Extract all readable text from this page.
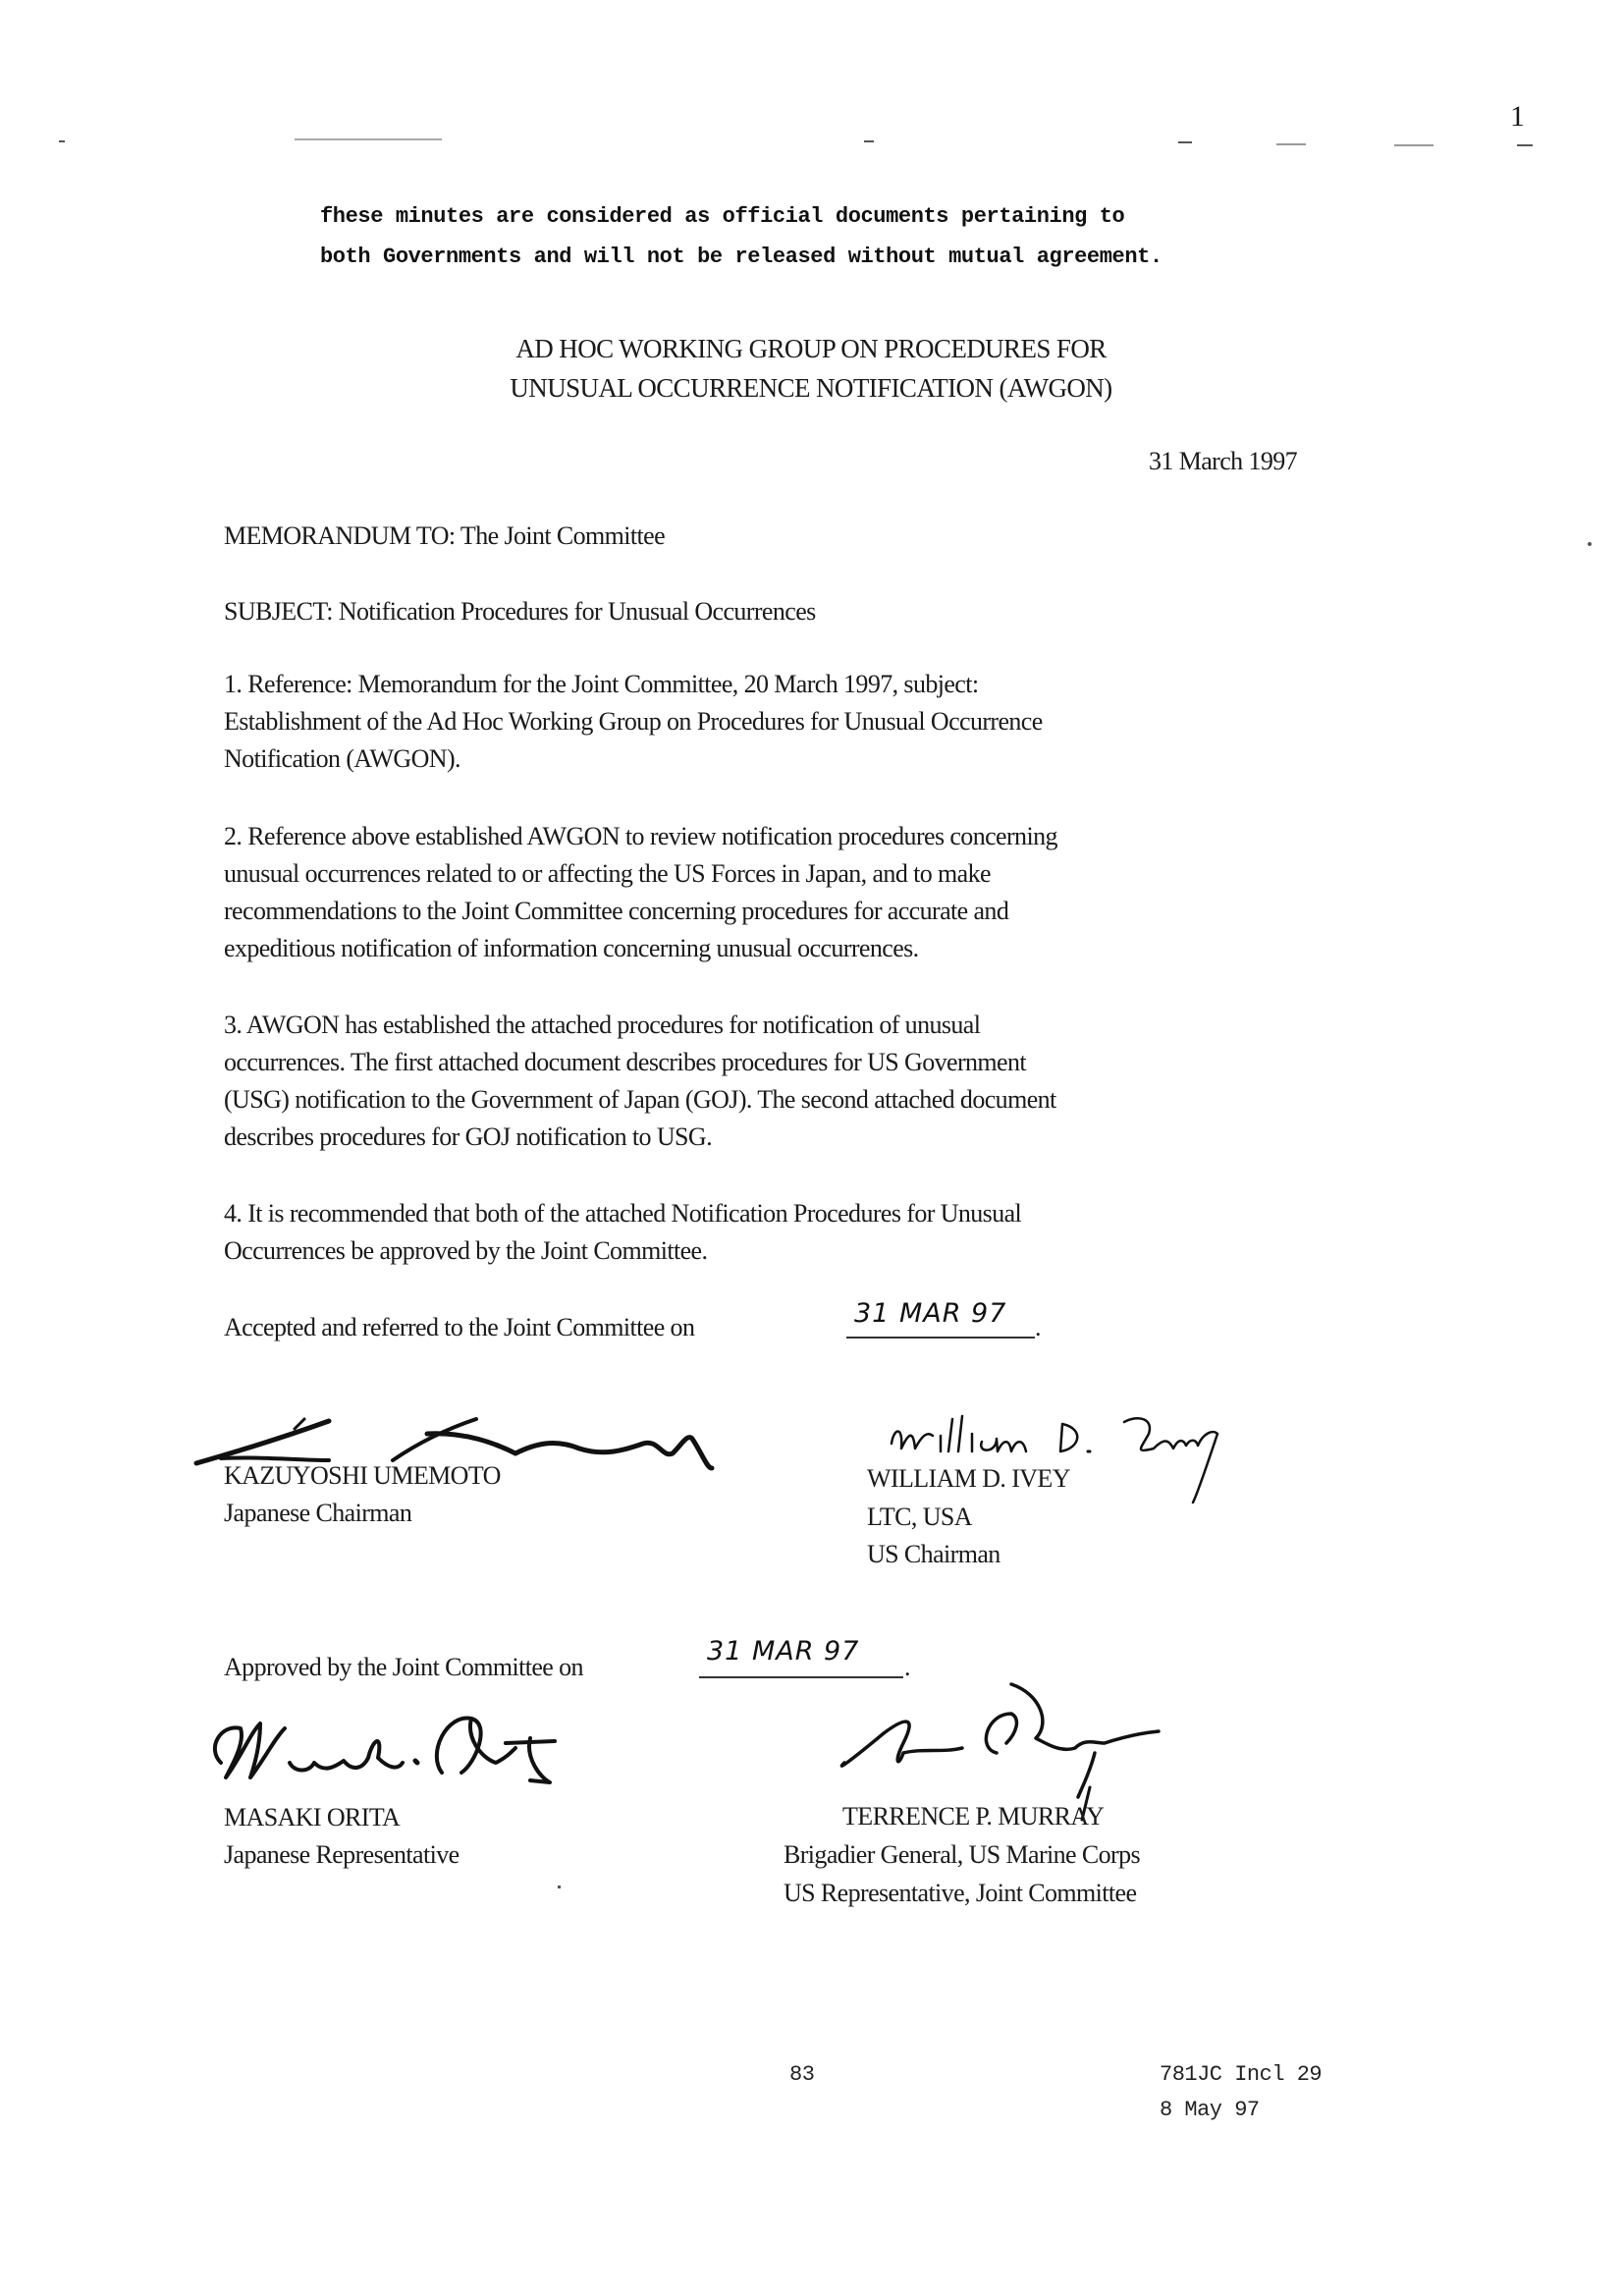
1
fhese minutes are considered as official documents pertaining to
both Governments and will not be released without mutual agreement.
AD HOC WORKING GROUP ON PROCEDURES FOR
UNUSUAL OCCURRENCE NOTIFICATION (AWGON)
31 March 1997
MEMORANDUM TO: The Joint Committee
SUBJECT: Notification Procedures for Unusual Occurrences
1. Reference: Memorandum for the Joint Committee, 20 March 1997, subject:
Establishment of the Ad Hoc Working Group on Procedures for Unusual Occurrence
Notification (AWGON).
2. Reference above established AWGON to review notification procedures concerning
unusual occurrences related to or affecting the US Forces in Japan, and to make
recommendations to the Joint Committee concerning procedures for accurate and
expeditious notification of information concerning unusual occurrences.
3. AWGON has established the attached procedures for notification of unusual
occurrences. The first attached document describes procedures for US Government
(USG) notification to the Government of Japan (GOJ). The second attached document
describes procedures for GOJ notification to USG.
4. It is recommended that both of the attached Notification Procedures for Unusual
Occurrences be approved by the Joint Committee.
Accepted and referred to the Joint Committee on	31 MAR 97 .
KAZUYOSHI UMEMOTO
Japanese Chairman
WILLIAM D. IVEY
LTC, USA
US Chairman
Approved by the Joint Committee on
31 MAR 97
.
MASAKI ORITA
Japanese Representative
TERRENCE P. MURRAY
Brigadier General, US Marine Corps
US Representative, Joint Committee
83	781JC Incl 29
8 May 97
